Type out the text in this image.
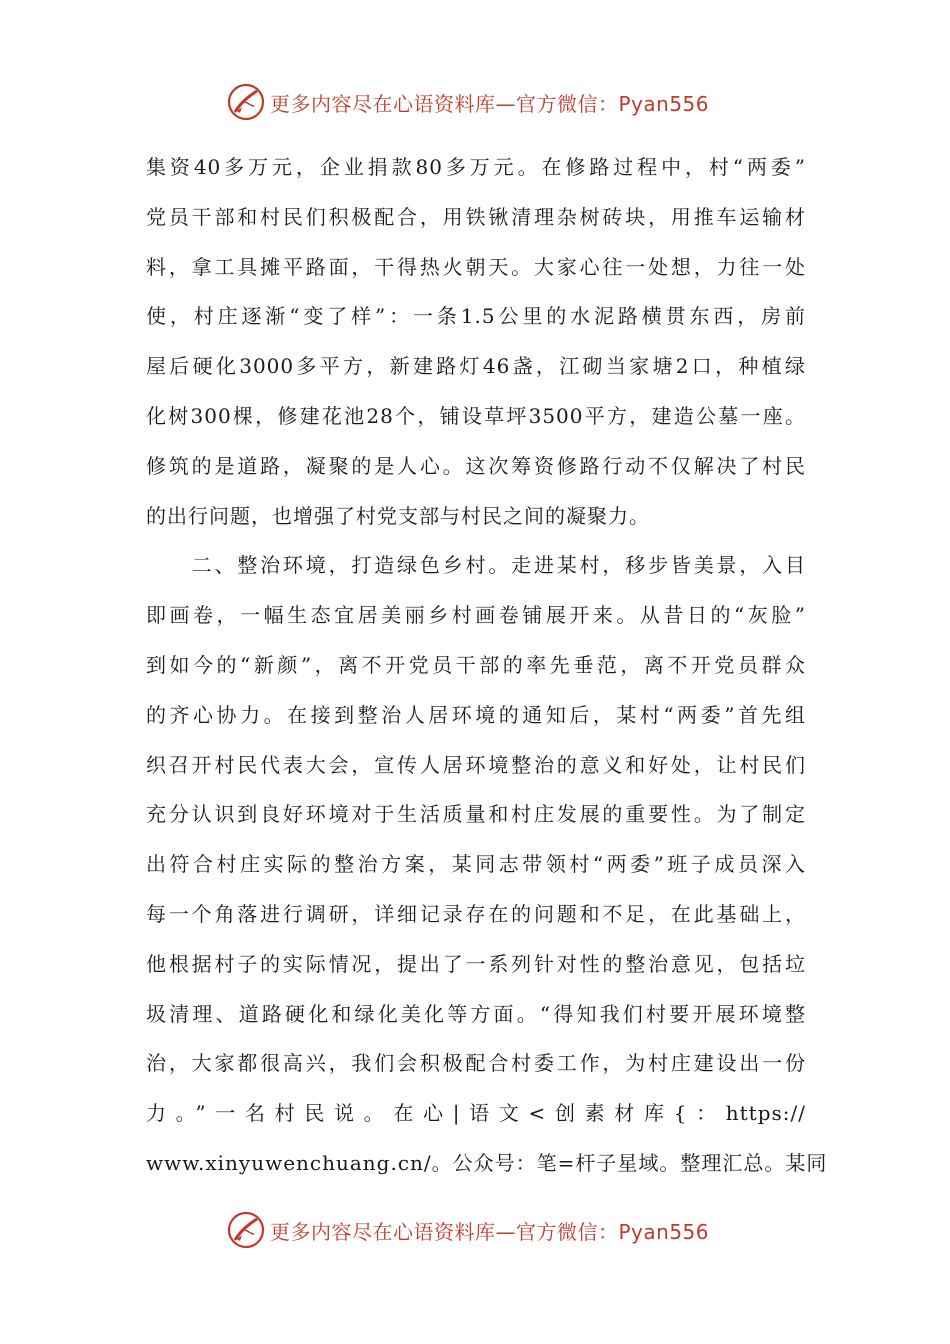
更多内容尽在心语资料库—官方微信：Pyan556
集资40多万元，企业捐款80多万元。在修路过程中，村“两委”
党员干部和村民们积极配合，用铁锹清理杂树砖块，用推车运输材
料，拿工具摊平路面，干得热火朝天。大家心往一处想，力往一处
使，村庄逐渐“变了样”：一条1.5公里的水泥路横贯东西，房前
屋后硬化3000多平方，新建路灯46盏，江砌当家塘2口，种植绿
化树300棵，修建花池28个，铺设草坪3500平方，建造公墓一座。
修筑的是道路，凝聚的是人心。这次筹资修路行动不仅解决了村民
的出行问题，也增强了村党支部与村民之间的凝聚力。
　　二、整治环境，打造绿色乡村。走进某村，移步皆美景，入目
即画卷，一幅生态宜居美丽乡村画卷铺展开来。从昔日的“灰脸”
到如今的“新颜”，离不开党员干部的率先垂范，离不开党员群众
的齐心协力。在接到整治人居环境的通知后，某村“两委”首先组
织召开村民代表大会，宣传人居环境整治的意义和好处，让村民们
充分认识到良好环境对于生活质量和村庄发展的重要性。为了制定
出符合村庄实际的整治方案，某同志带领村“两委”班子成员深入
每一个角落进行调研，详细记录存在的问题和不足，在此基础上，
他根据村子的实际情况，提出了一系列针对性的整治意见，包括垃
圾清理、道路硬化和绿化美化等方面。“得知我们村要开展环境整
治，大家都很高兴，我们会积极配合村委工作，为村庄建设出一份
力。”一名村民说。在心|语文<创素材库{：https://
www.xinyuwenchuang.cn/。公众号：笔=杆子星域。整理汇总。某同
更多内容尽在心语资料库—官方微信：Pyan556
